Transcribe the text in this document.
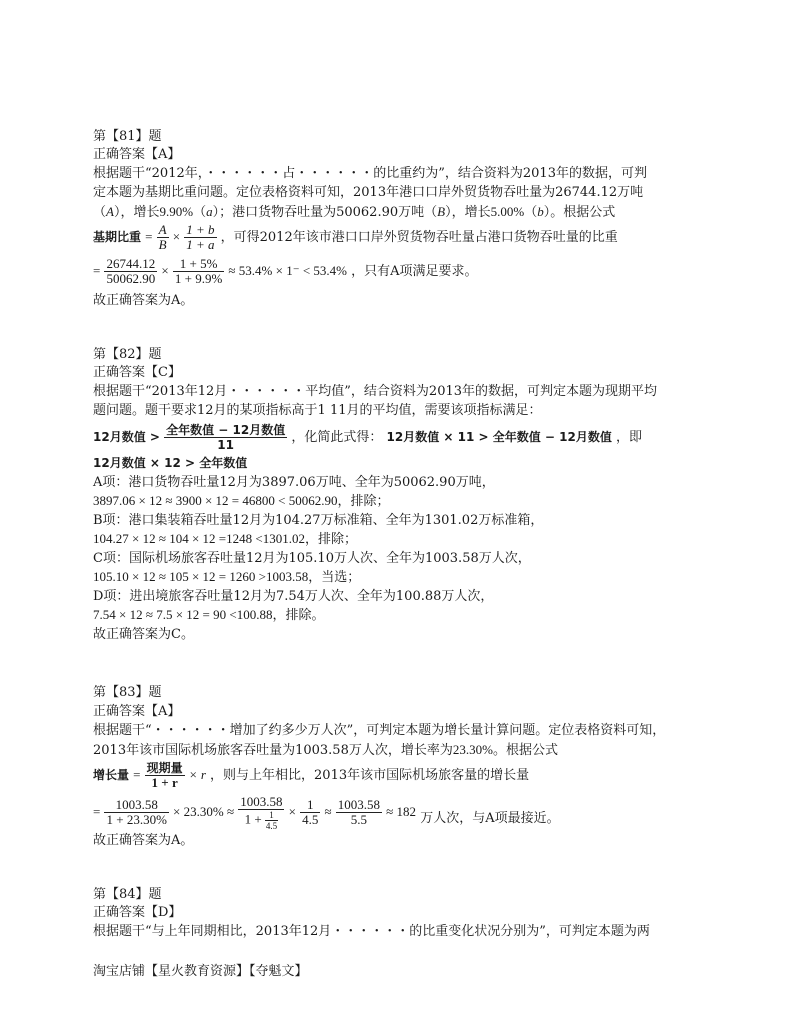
第【81】题
正确答案【A】
根据题干“2012年，・・・・・・占・・・・・・的比重约为”，结合资料为2013年的数据，可判
定本题为基期比重问题。定位表格资料可知，2013年港口口岸外贸货物吞吐量为26744.12万吨
（A），增长9.90%（a）；港口货物吞吐量为50062.90万吨（B），增长5.00%（b）。根据公式
基期比重 = $\frac{A}{B} \times \frac{1 + b}{1 + a}$ ，可得2012年该市港口口岸外贸货物吞吐量占港口货物吞吐量的比重
= $\frac{26744.12}{50062.90} \times \frac{1 + 5\%}{1 + 9.9\%} \approx 53.4\% \times 1^- < 53.4\%$ ，只有A项满足要求。
故正确答案为A。
第【82】题
正确答案【C】
根据题干“2013年12月・・・・・・平均值”，结合资料为2013年的数据，可判定本题为现期平均
题问题。题干要求12月的某项指标高于1 11月的平均值，需要该项指标满足：
12月数值 > $\frac{\text{全年数值 − 12月数值}}{11}$ ，化简此式得： 12月数值 × 11 > 全年数值 − 12月数值 ，即
12月数值 × 12 > 全年数值
A项：港口货物吞吐量12月为3897.06万吨、全年为50062.90万吨，
3897.06 × 12 ≈ 3900 × 12 = 46800 < 50062.90，排除；
B项：港口集装箱吞吐量12月为104.27万标准箱、全年为1301.02万标准箱，
104.27 × 12 ≈ 104 × 12 =1248 <1301.02，排除；
C项：国际机场旅客吞吐量12月为105.10万人次、全年为1003.58万人次，
105.10 × 12 ≈ 105 × 12 = 1260 >1003.58，当选；
D项：进出境旅客吞吐量12月为7.54万人次、全年为100.88万人次，
7.54 × 12 ≈ 7.5 × 12 = 90 <100.88，排除。
故正确答案为C。
第【83】题
正确答案【A】
根据题干“・・・・・・增加了约多少万人次”，可判定本题为增长量计算问题。定位表格资料可知，
2013年该市国际机场旅客吞吐量为1003.58万人次，增长率为23.30%。根据公式
增长量 = $\frac{\text{现期量}}{1 + r} \times r$ ，则与上年相比，2013年该市国际机场旅客量的增长量
= $\frac{1003.58}{1 + 23.30\%} \times 23.30\% \approx \frac{1003.58}{1 + \frac{1}{4.5}} \times \frac{1}{4.5} \approx \frac{1003.58}{5.5} \approx 182$ 万人次，与A项最接近。
故正确答案为A。
第【84】题
正确答案【D】
根据题干“与上年同期相比，2013年12月・・・・・・的比重变化状况分别为”，可判定本题为两
淘宝店铺【星火教育资源】【夺魁文】
